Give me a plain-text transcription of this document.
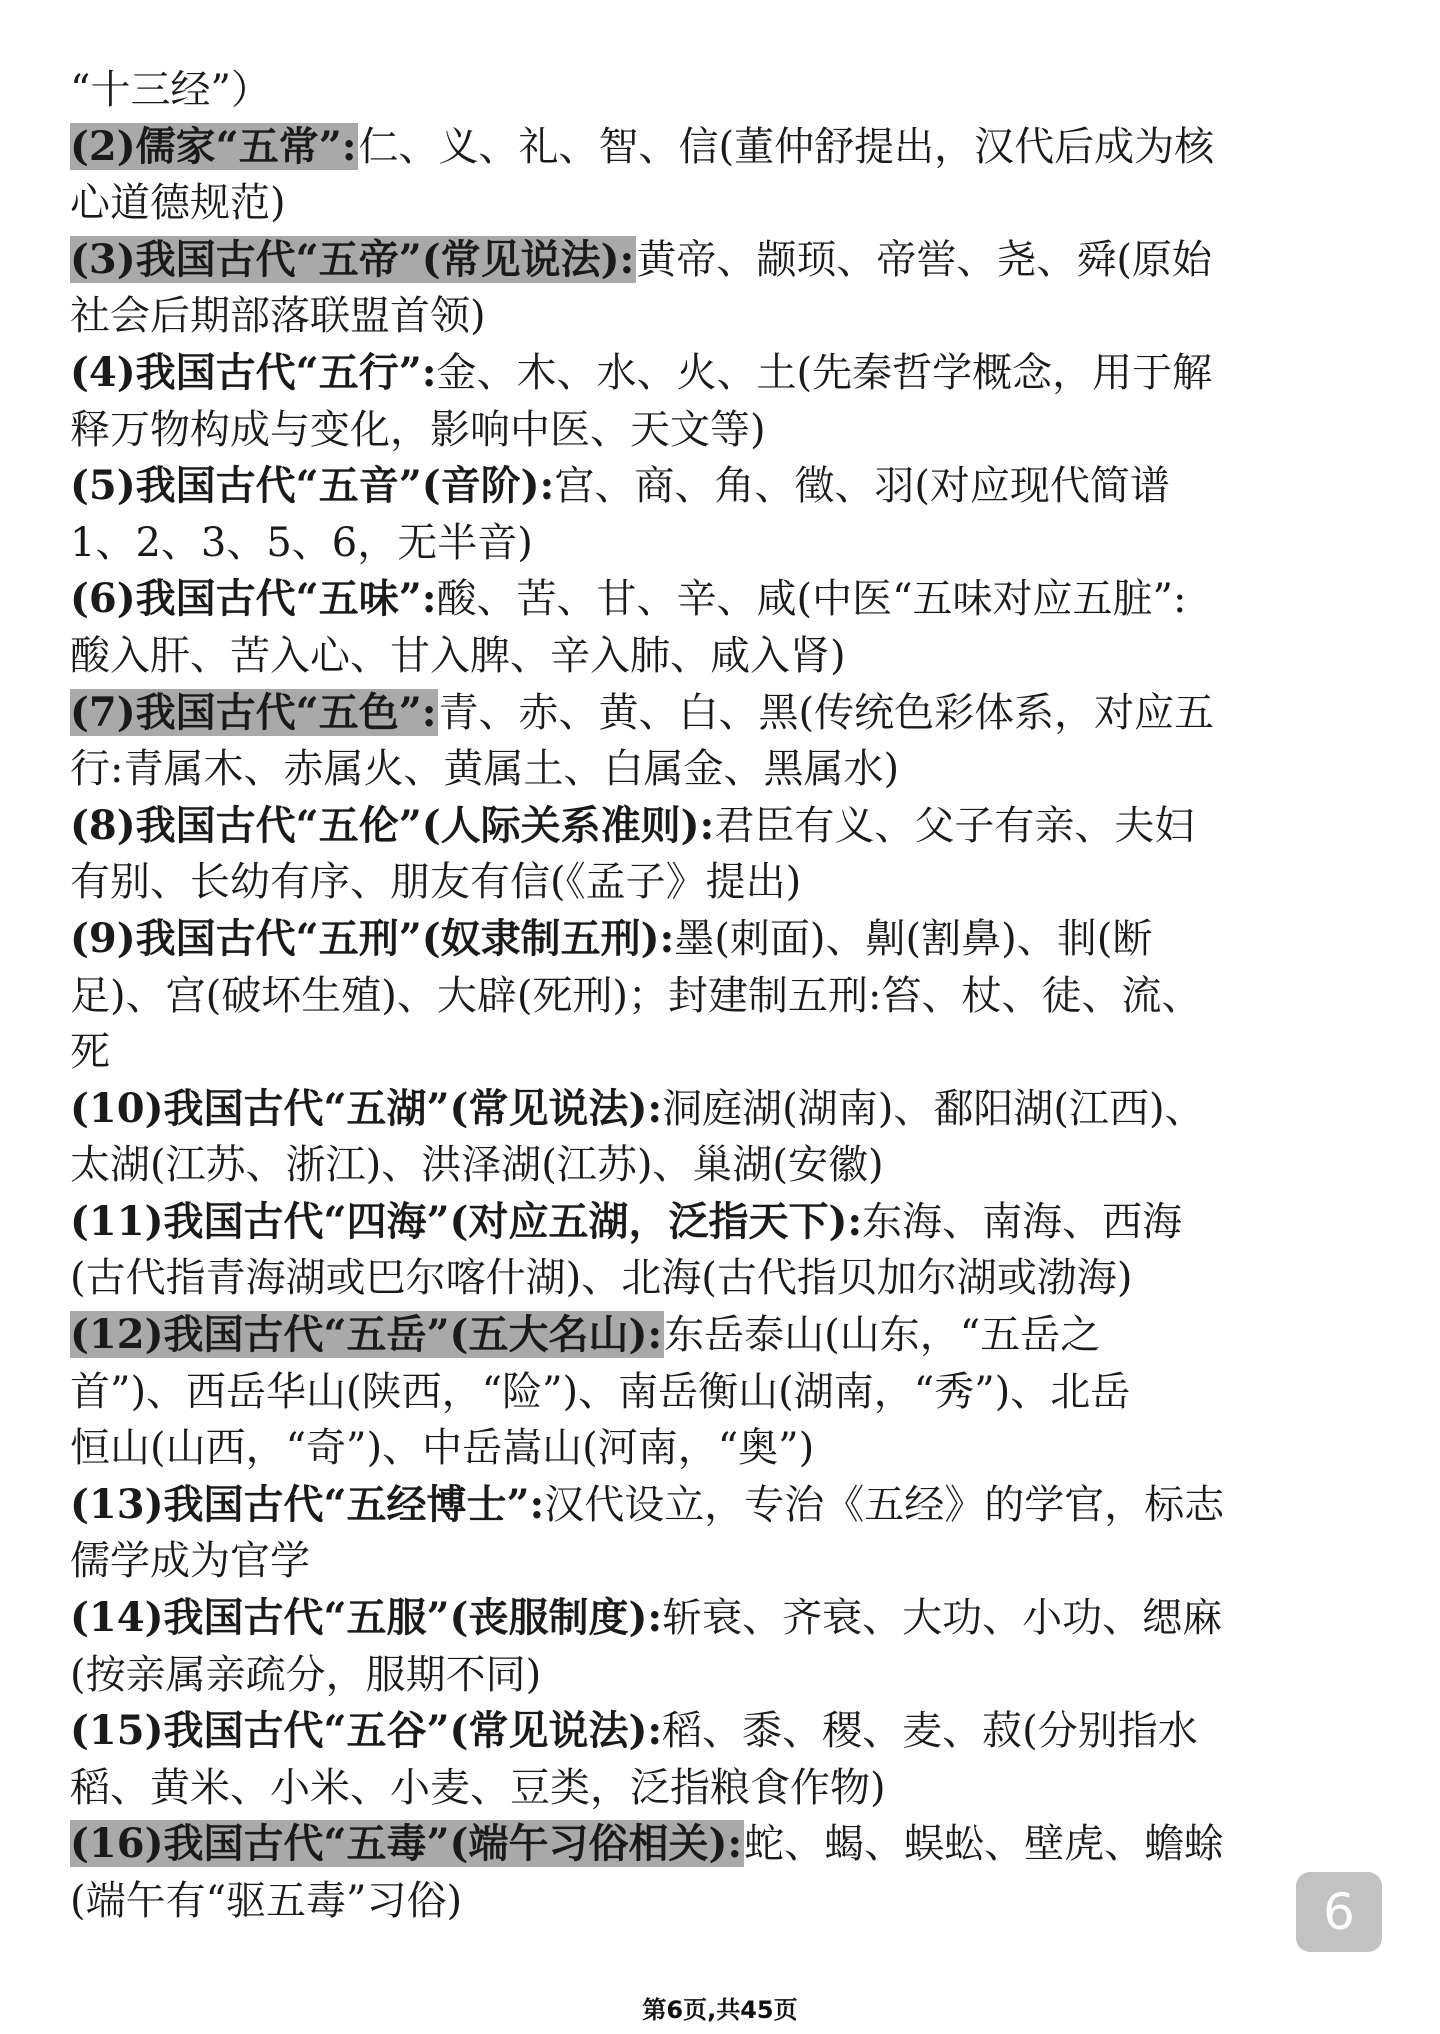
“十三经”）
(2)儒家“五常”:仁、义、礼、智、信(董仲舒提出，汉代后成为核
心道德规范)
(3)我国古代“五帝”(常见说法):黄帝、颛顼、帝喾、尧、舜(原始
社会后期部落联盟首领)
(4)我国古代“五行”:金、木、水、火、土(先秦哲学概念，用于解
释万物构成与变化，影响中医、天文等)
(5)我国古代“五音”(音阶):宫、商、角、徵、羽(对应现代简谱
1、2、3、5、6，无半音)
(6)我国古代“五味”:酸、苦、甘、辛、咸(中医“五味对应五脏”:
酸入肝、苦入心、甘入脾、辛入肺、咸入肾)
(7)我国古代“五色”:青、赤、黄、白、黑(传统色彩体系，对应五
行:青属木、赤属火、黄属土、白属金、黑属水)
(8)我国古代“五伦”(人际关系准则):君臣有义、父子有亲、夫妇
有别、长幼有序、朋友有信(《孟子》提出)
(9)我国古代“五刑”(奴隶制五刑):墨(刺面)、劓(割鼻)、剕(断
足)、宫(破坏生殖)、大辟(死刑)；封建制五刑:笞、杖、徒、流、
死
(10)我国古代“五湖”(常见说法):洞庭湖(湖南)、鄱阳湖(江西)、
太湖(江苏、浙江)、洪泽湖(江苏)、巢湖(安徽)
(11)我国古代“四海”(对应五湖，泛指天下):东海、南海、西海
(古代指青海湖或巴尔喀什湖)、北海(古代指贝加尔湖或渤海)
(12)我国古代“五岳”(五大名山):东岳泰山(山东，“五岳之
首”)、西岳华山(陕西，“险”)、南岳衡山(湖南，“秀”)、北岳
恒山(山西，“奇”)、中岳嵩山(河南，“奥”)
(13)我国古代“五经博士”:汉代设立，专治《五经》的学官，标志
儒学成为官学
(14)我国古代“五服”(丧服制度):斩衰、齐衰、大功、小功、缌麻
(按亲属亲疏分，服期不同)
(15)我国古代“五谷”(常见说法):稻、黍、稷、麦、菽(分别指水
稻、黄米、小米、小麦、豆类，泛指粮食作物)
(16)我国古代“五毒”(端午习俗相关):蛇、蝎、蜈蚣、壁虎、蟾蜍
(端午有“驱五毒”习俗)	6
第6页,共45页
